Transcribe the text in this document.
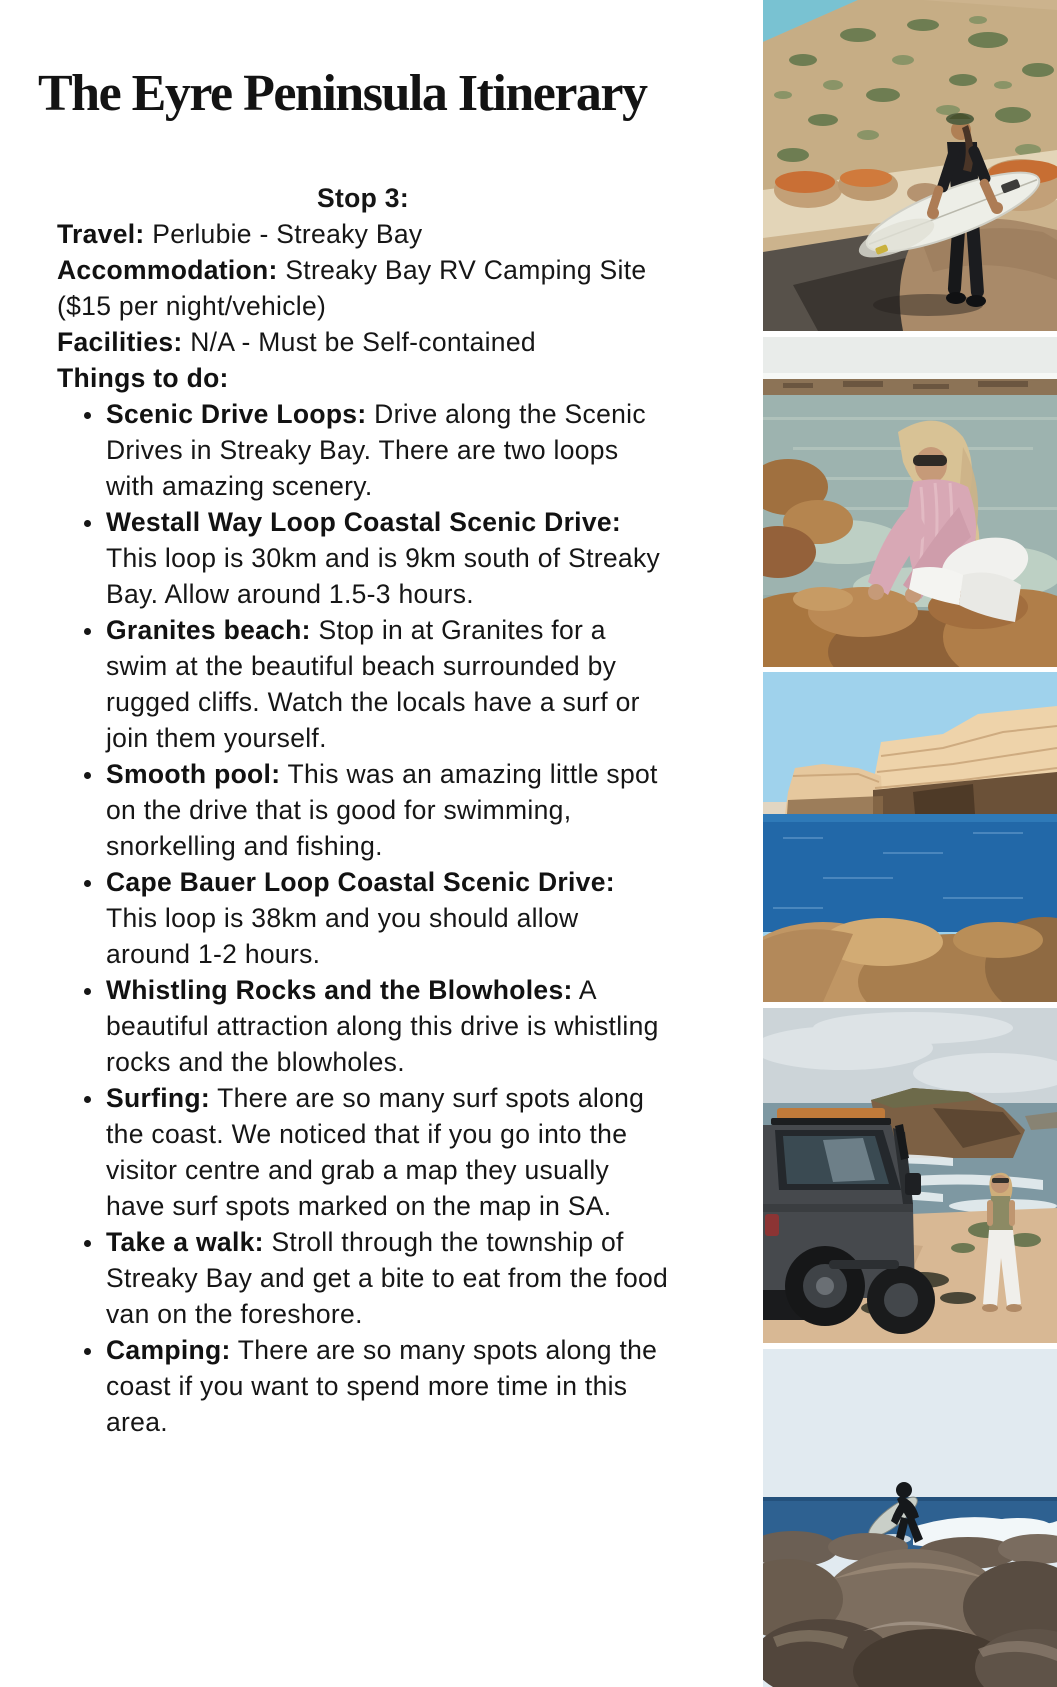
The Eyre Peninsula Itinerary

Stop 3:

Travel: Perlubie - Streaky Bay

Accommodation: Streaky Bay RV Camping Site ($15 per night/vehicle)

Facilities: N/A - Must be Self-contained

Things to do:

• Scenic Drive Loops: Drive along the Scenic Drives in Streaky Bay. There are two loops with amazing scenery.
• Westall Way Loop Coastal Scenic Drive: This loop is 30km and is 9km south of Streaky Bay. Allow around 1.5-3 hours.
• Granites beach: Stop in at Granites for a swim at the beautiful beach surrounded by rugged cliffs. Watch the locals have a surf or join them yourself.
• Smooth pool: This was an amazing little spot on the drive that is good for swimming, snorkelling and fishing.
• Cape Bauer Loop Coastal Scenic Drive: This loop is 38km and you should allow around 1-2 hours.
• Whistling Rocks and the Blowholes: A beautiful attraction along this drive is whistling rocks and the blowholes.
• Surfing: There are so many surf spots along the coast. We noticed that if you go into the visitor centre and grab a map they usually have surf spots marked on the map in SA.
• Take a walk: Stroll through the township of Streaky Bay and get a bite to eat from the food van on the foreshore.
• Camping: There are so many spots along the coast if you want to spend more time in this area.
